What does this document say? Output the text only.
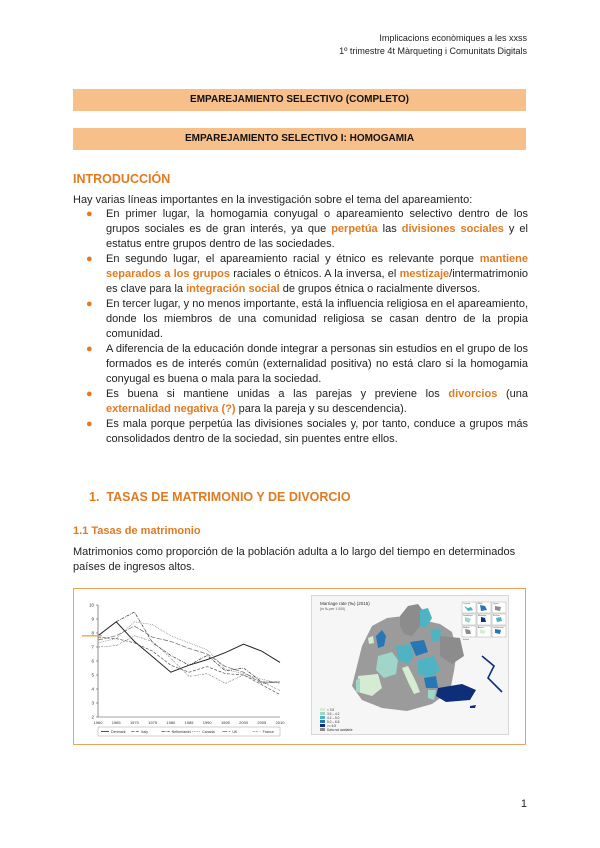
Implicacions econòmiques a les xxss
1º trimestre 4t Màrqueting i Comunitats Digitals
EMPAREJAMIENTO SELECTIVO (COMPLETO)
EMPAREJAMIENTO SELECTIVO I: HOMOGAMIA
INTRODUCCIÓN
Hay varias líneas importantes en la investigación sobre el tema del apareamiento:
● En primer lugar, la homogamia conyugal o apareamiento selectivo dentro de los grupos sociales es de gran interés, ya que perpetúa las divisiones sociales y el estatus entre grupos dentro de las sociedades.
● En segundo lugar, el apareamiento racial y étnico es relevante porque mantiene separados a los grupos raciales o étnicos. A la inversa, el mestizaje/intermatrimonio es clave para la integración social de grupos étnica o racialmente diversos.
● En tercer lugar, y no menos importante, está la influencia religiosa en el apareamiento, donde los miembros de una comunidad religiosa se casan dentro de la propia comunidad.
● A diferencia de la educación donde integrar a personas sin estudios en el grupo de los formados es de interés común (externalidad positiva) no está claro si la homogamia conyugal es buena o mala para la sociedad.
● Es buena si mantiene unidas a las parejas y previene los divorcios (una externalidad negativa (?) para la pareja y su descendencia).
● Es mala porque perpetúa las divisiones sociales y, por tanto, conduce a grupos más consolidados dentro de la sociedad, sin puentes entre ellos.
1. TASAS DE MATRIMONIO Y DE DIVORCIO
1.1 Tasas de matrimonio
Matrimonios como proporción de la población adulta a lo largo del tiempo en determinados países de ingresos altos.
2
3
4
5
6
7
8
9
10
1960 1965 1970 1975 1980 1985 1990 1995 2000 2005 2010
Denmark	Italy	Netherlands	Canada	UK	France
Marriage rate (‰) (2015)
(in ‰ per 1 000)
< 3.5
3.5 – 4.2
4.2 – 5.0
5.0 – 6.5
>= 6.5
Data not available
Canarias	Malta	Cyprus
Guadeloupe	Martinique	Réunion
Madeira	Azores	Liechtenstein
Iceland
1
